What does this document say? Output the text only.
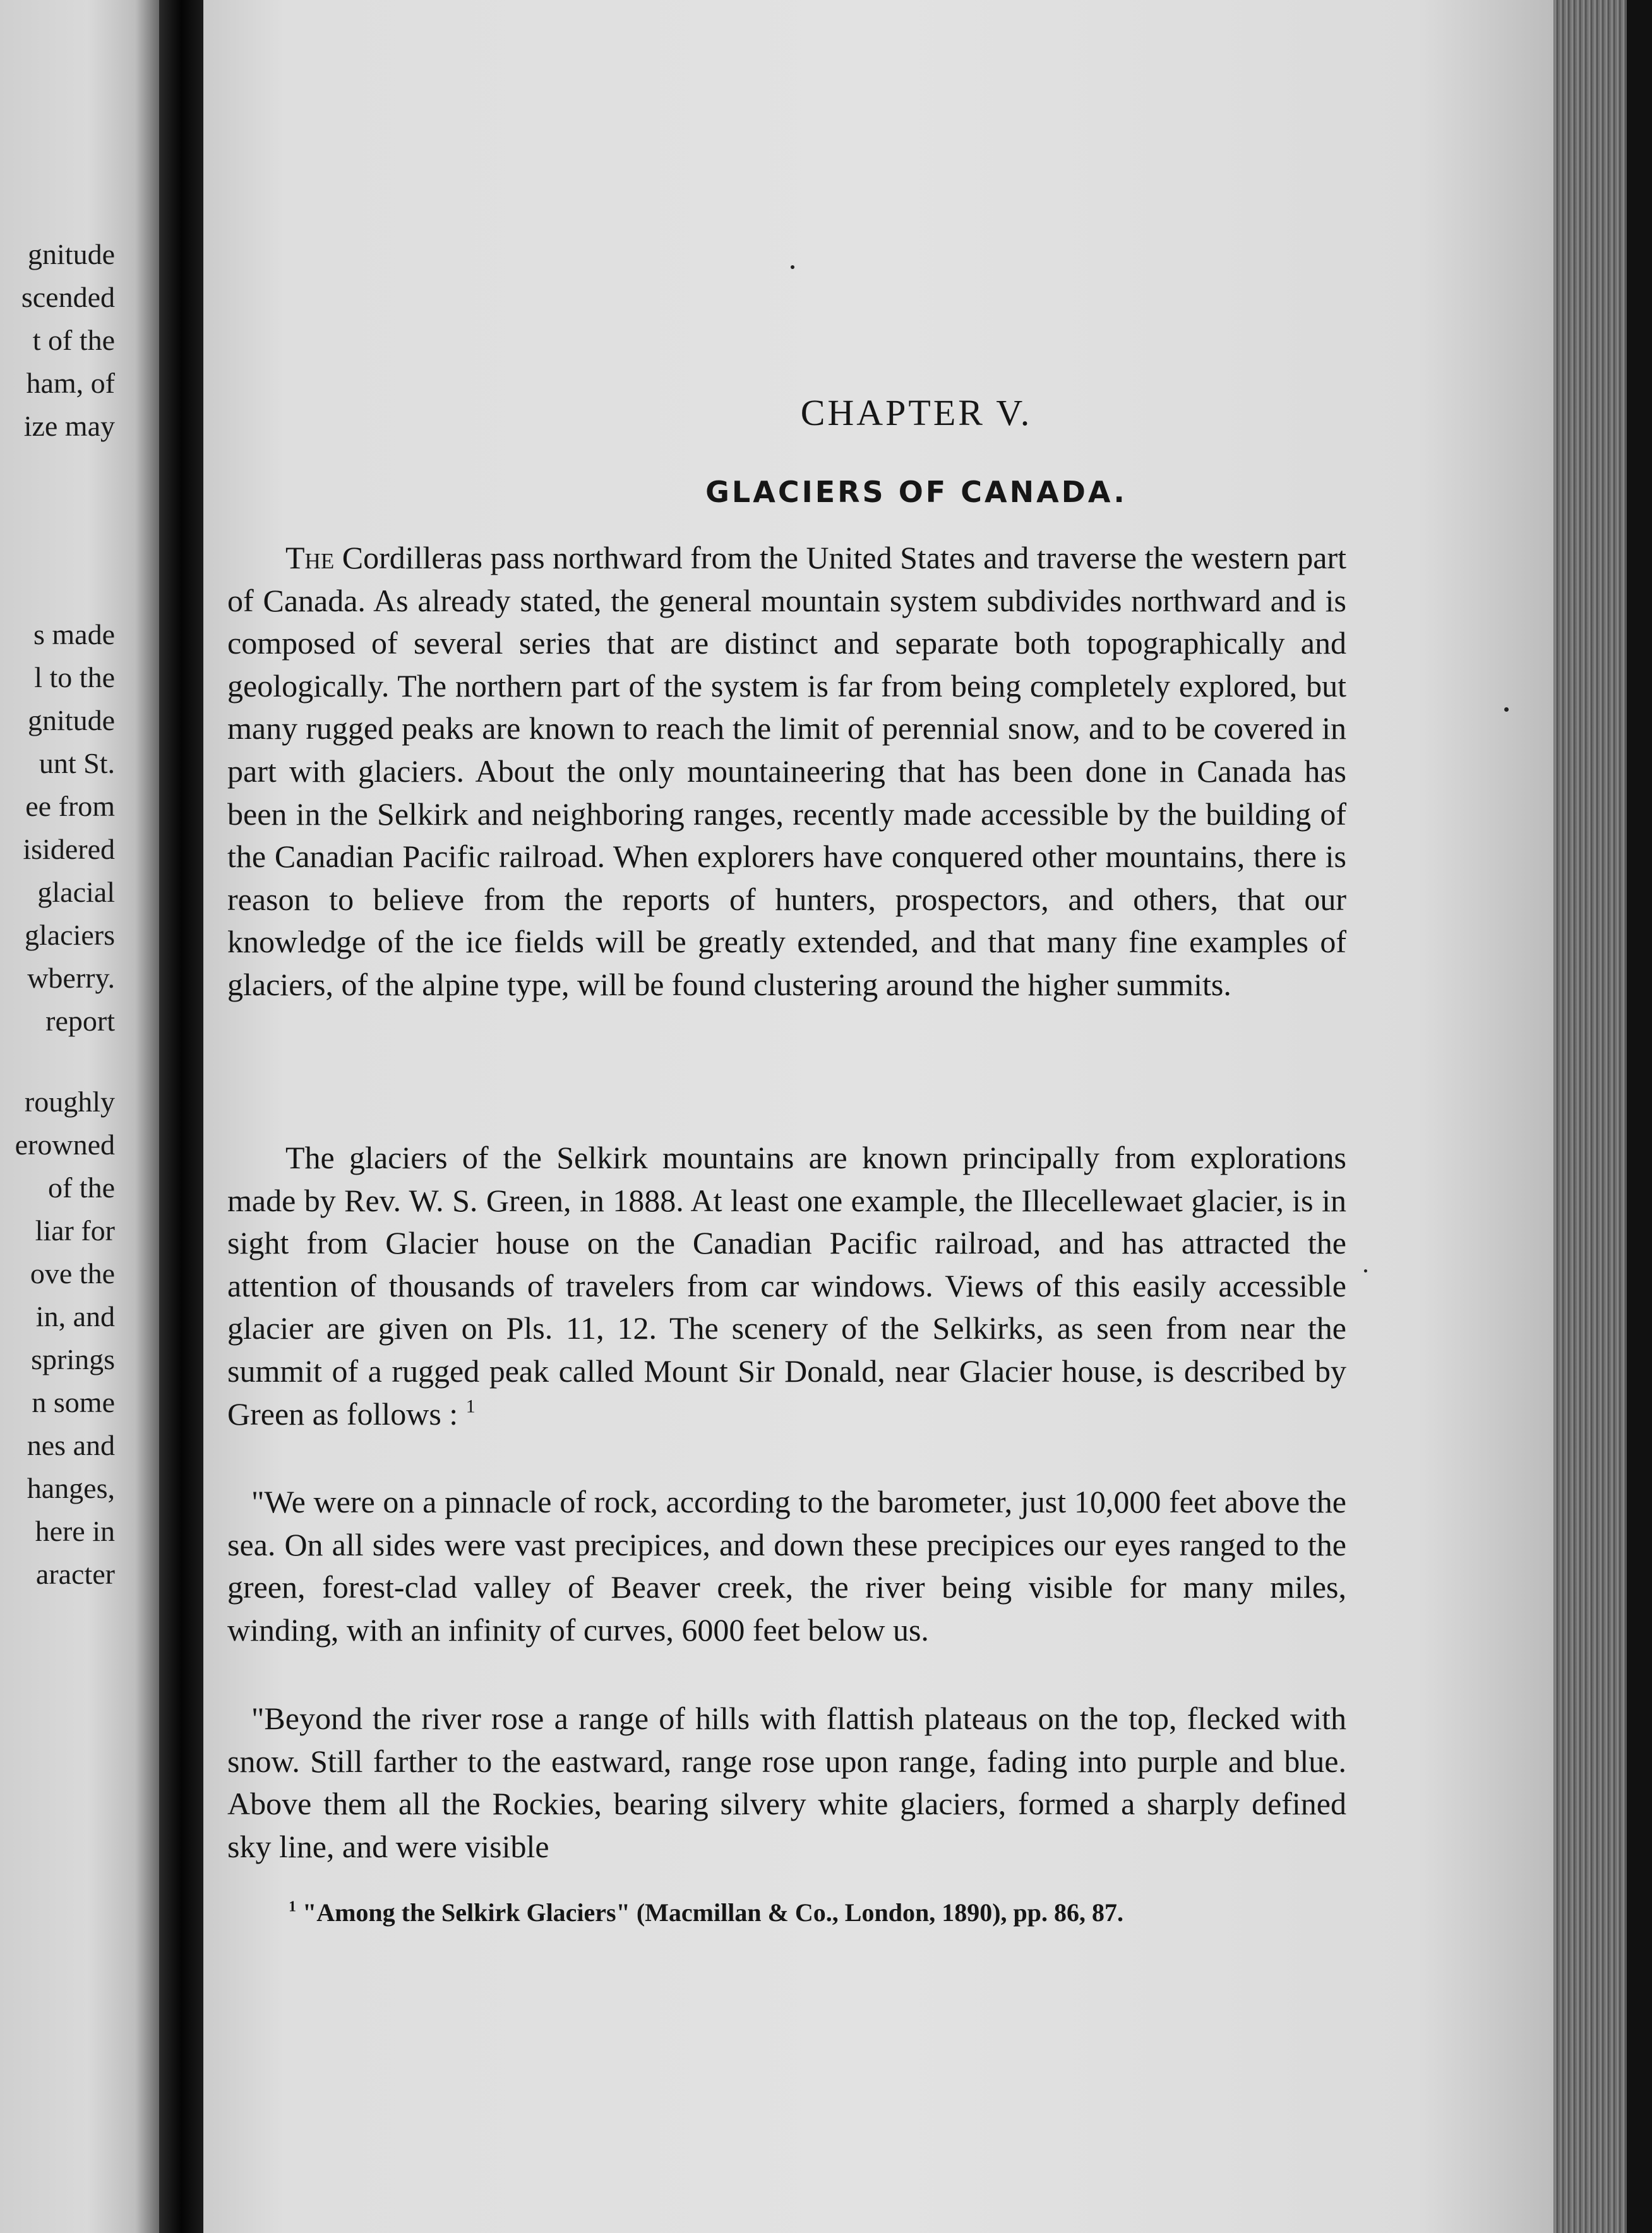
gnitude
scended
t of the
ham, of
ize may
s made
l to the
gnitude
unt St.
ee from
isidered
glacial
glaciers
wberry.
report
roughly
erowned
of the
liar for
ove the
in, and
springs
n some
nes and
hanges,
here in
aracter
CHAPTER V.
GLACIERS OF CANADA.

The Cordilleras pass northward from the United States and traverse the western part of Canada. As already stated, the general mountain system subdivides northward and is composed of several series that are distinct and separate both topographically and geologically. The northern part of the system is far from being completely explored, but many rugged peaks are known to reach the limit of perennial snow, and to be covered in part with glaciers. About the only mountaineering that has been done in Canada has been in the Selkirk and neighboring ranges, recently made accessible by the building of the Canadian Pacific railroad. When explorers have conquered other mountains, there is reason to believe from the reports of hunters, prospectors, and others, that our knowledge of the ice fields will be greatly extended, and that many fine examples of glaciers, of the alpine type, will be found clustering around the higher summits.

The glaciers of the Selkirk mountains are known principally from explorations made by Rev. W. S. Green, in 1888. At least one example, the Illecellewaet glacier, is in sight from Glacier house on the Canadian Pacific railroad, and has attracted the attention of thousands of travelers from car windows. Views of this easily accessible glacier are given on Pls. 11, 12. The scenery of the Selkirks, as seen from near the summit of a rugged peak called Mount Sir Donald, near Glacier house, is described by Green as follows : $^1$

"We were on a pinnacle of rock, according to the barometer, just 10,000 feet above the sea. On all sides were vast precipices, and down these precipices our eyes ranged to the green, forest-clad valley of Beaver creek, the river being visible for many miles, winding, with an infinity of curves, 6000 feet below us.

"Beyond the river rose a range of hills with flattish plateaus on the top, flecked with snow. Still farther to the eastward, range rose upon range, fading into purple and blue. Above them all the Rockies, bearing silvery white glaciers, formed a sharply defined sky line, and were visible

$^1$ "Among the Selkirk Glaciers" (Macmillan & Co., London, 1890), pp. 86, 87.
